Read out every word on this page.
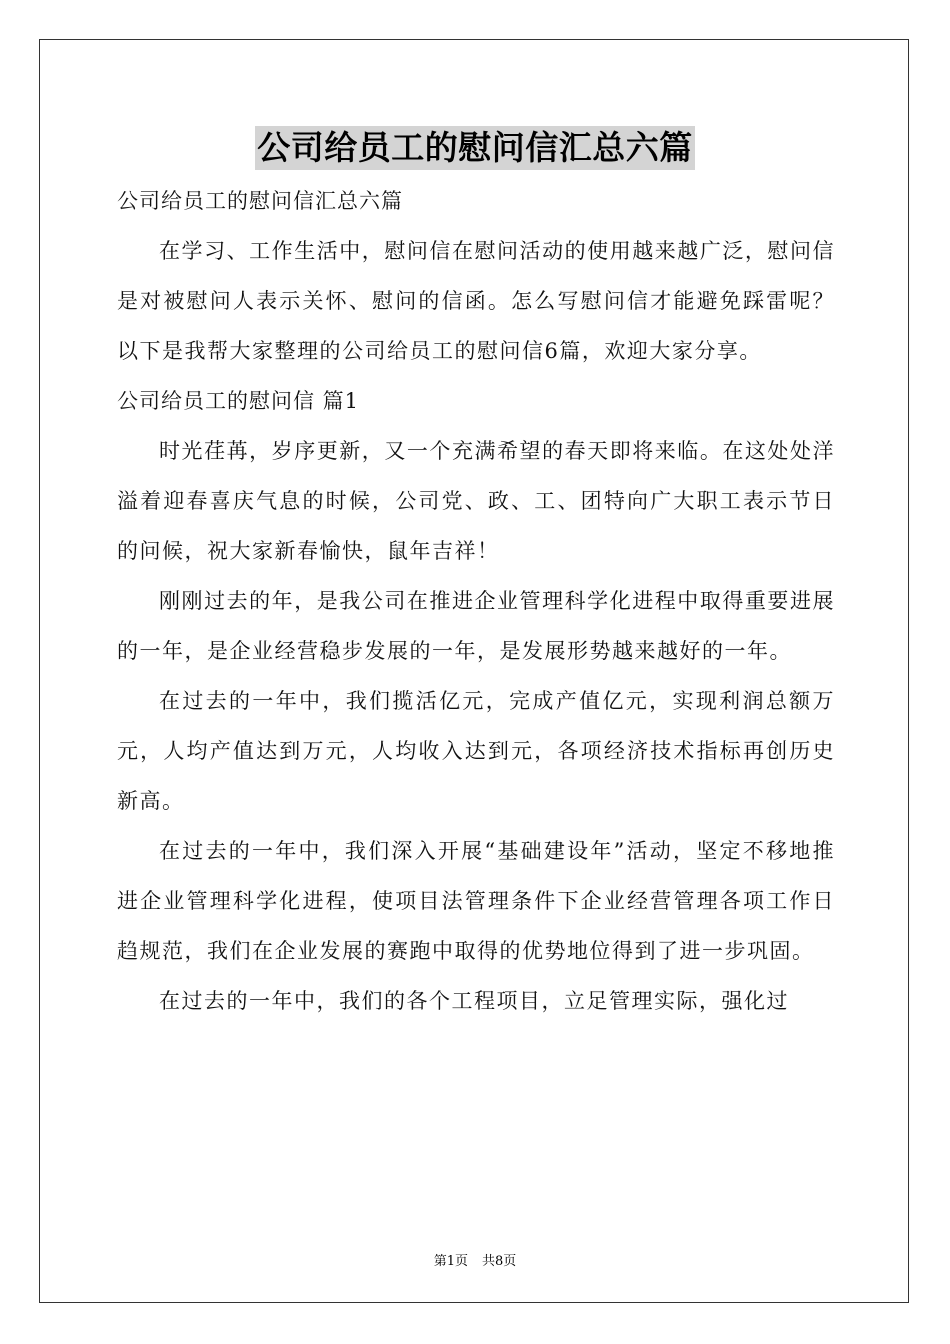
公司给员工的慰问信汇总六篇

公司给员工的慰问信汇总六篇

在学习、工作生活中，慰问信在慰问活动的使用越来越广泛，慰问信是对被慰问人表示关怀、慰问的信函。怎么写慰问信才能避免踩雷呢？以下是我帮大家整理的公司给员工的慰问信6篇，欢迎大家分享。

公司给员工的慰问信 篇1

时光荏苒，岁序更新，又一个充满希望的春天即将来临。在这处处洋溢着迎春喜庆气息的时候，公司党、政、工、团特向广大职工表示节日的问候，祝大家新春愉快，鼠年吉祥！

刚刚过去的年，是我公司在推进企业管理科学化进程中取得重要进展的一年，是企业经营稳步发展的一年，是发展形势越来越好的一年。

在过去的一年中，我们揽活亿元，完成产值亿元，实现利润总额万元，人均产值达到万元，人均收入达到元，各项经济技术指标再创历史新高。

在过去的一年中，我们深入开展“基础建设年”活动，坚定不移地推进企业管理科学化进程，使项目法管理条件下企业经营管理各项工作日趋规范，我们在企业发展的赛跑中取得的优势地位得到了进一步巩固。

在过去的一年中，我们的各个工程项目，立足管理实际，强化过

第1页 共8页
